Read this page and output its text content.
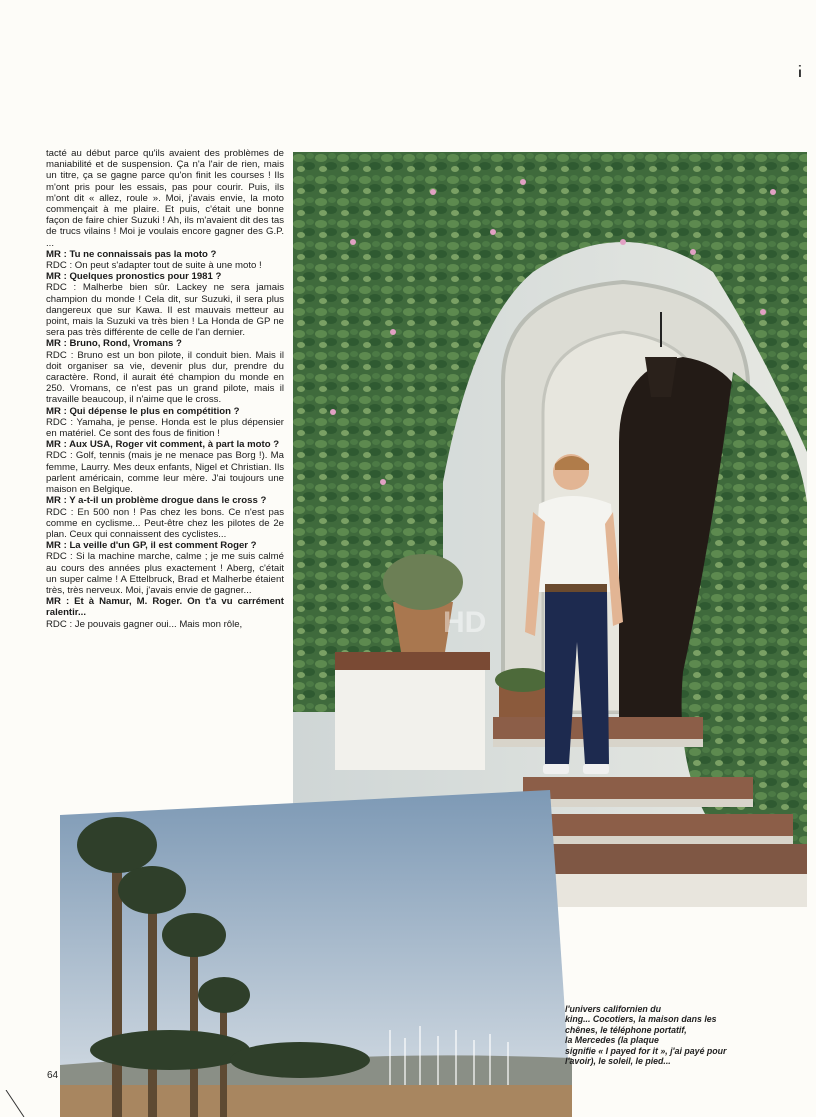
tacté au début parce qu'ils avaient des problèmes de maniabilité et de suspension. Ça n'a l'air de rien, mais un titre, ça se gagne parce qu'on finit les courses ! Ils m'ont pris pour les essais, pas pour courir. Puis, ils m'ont dit « allez, roule ». Moi, j'avais envie, la moto commençait à me plaire. Et puis, c'était une bonne façon de faire chier Suzuki ! Ah, ils m'avaient dit des tas de trucs vilains ! Moi je voulais encore gagner des G.P. ...

MR : Tu ne connaissais pas la moto ?

RDC : On peut s'adapter tout de suite à une moto !

MR : Quelques pronostics pour 1981 ?

RDC : Malherbe bien sûr. Lackey ne sera jamais champion du monde ! Cela dit, sur Suzuki, il sera plus dangereux que sur Kawa. Il est mauvais metteur au point, mais la Suzuki va très bien ! La Honda de GP ne sera pas très différente de celle de l'an dernier.

MR : Bruno, Rond, Vromans ?

RDC : Bruno est un bon pilote, il conduit bien. Mais il doit organiser sa vie, devenir plus dur, prendre du caractère. Rond, il aurait été champion du monde en 250. Vromans, ce n'est pas un grand pilote, mais il travaille beaucoup, il n'aime que le cross.

MR : Qui dépense le plus en compétition ?

RDC : Yamaha, je pense. Honda est le plus dépensier en matériel. Ce sont des fous de finition !

MR : Aux USA, Roger vit comment, à part la moto ?

RDC : Golf, tennis (mais je ne menace pas Borg !). Ma femme, Laurry. Mes deux enfants, Nigel et Christian. Ils parlent américain, comme leur mère. J'ai toujours une maison en Belgique.

MR : Y a-t-il un problème drogue dans le cross ?

RDC : En 500 non ! Pas chez les bons. Ce n'est pas comme en cyclisme... Peut-être chez les pilotes de 2e plan. Ceux qui connaissent des cyclistes...

MR : La veille d'un GP, il est comment Roger ?

RDC : Si la machine marche, calme ; je me suis calmé au cours des années plus exactement ! Aberg, c'était un super calme ! A Ettelbruck, Brad et Malherbe étaient très, très nerveux. Moi, j'avais envie de gagner...

MR : Et à Namur, M. Roger. On t'a vu carrément ralentir...

RDC : Je pouvais gagner oui... Mais mon rôle,	HD
l'univers californien du
king... Cocotiers, la maison dans les
chênes, le téléphone portatif,
la Mercedes (la plaque
signifie « I payed for it », j'ai payé pour
l'avoir), le soleil, le pied...
64
ı̇
